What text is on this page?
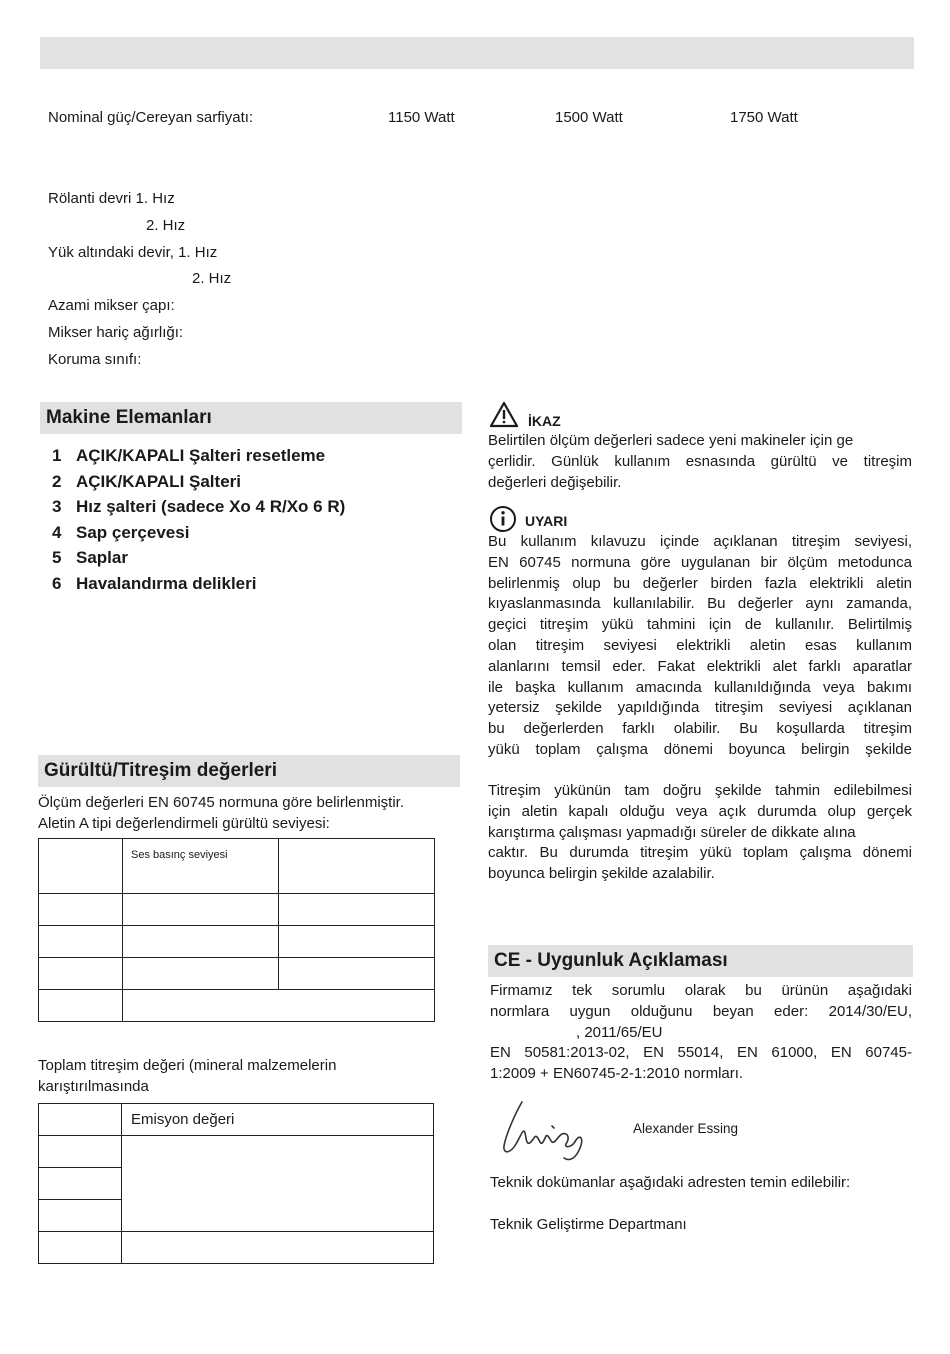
Nominal güç/Cereyan sarfiyatı:	1150 Watt	1500 Watt	1750 Watt
Rölanti devri 1. Hız
2. Hız
Yük altındaki devir, 1. Hız
2. Hız
Azami mikser çapı:
Mikser hariç ağırlığı:
Koruma sınıfı:
Makine Elemanları
1 AÇIK/KAPALI Şalteri resetleme
2 AÇIK/KAPALI Şalteri
3 Hız şalteri (sadece Xo 4 R/Xo 6 R)
4 Sap çerçevesi
5 Saplar
6 Havalandırma delikleri
Gürültü/Titreşim değerleri
Ölçüm değerleri EN 60745 normuna göre belirlenmiştir.
Aletin A tipi değerlendirmeli gürültü seviyesi:

	Ses basınç seviyesi	

Toplam titreşim değeri (mineral malzemelerin
karıştırılmasında

	Emisyon değeri

İKAZ
Belirtilen ölçüm değerleri sadece yeni makineler için ge
çerlidir. Günlük kullanım esnasında gürültü ve titreşim
değerleri değişebilir.
UYARI
Bu kullanım kılavuzu içinde açıklanan titreşim seviyesi,
EN 60745 normuna göre uygulanan bir ölçüm metodunca
belirlenmiş olup bu değerler birden fazla elektrikli aletin
kıyaslanmasında kullanılabilir. Bu değerler aynı zamanda,
geçici titreşim yükü tahmini için de kullanılır. Belirtilmiş
olan titreşim seviyesi elektrikli aletin esas kullanım
alanlarını temsil eder. Fakat elektrikli alet farklı aparatlar
ile başka kullanım amacında kullanıldığında veya bakımı
yetersiz şekilde yapıldığında titreşim seviyesi açıklanan
bu değerlerden farklı olabilir. Bu koşullarda titreşim
yükü toplam çalışma dönemi boyunca belirgin şekilde
Titreşim yükünün tam doğru şekilde tahmin edilebilmesi
için aletin kapalı olduğu veya açık durumda olup gerçek
karıştırma çalışması yapmadığı süreler de dikkate alına
caktır. Bu durumda titreşim yükü toplam çalışma dönemi
boyunca belirgin şekilde azalabilir.
CE - Uygunluk Açıklaması
Firmamız tek sorumlu olarak bu ürünün aşağıdaki
normlara uygun olduğunu beyan eder: 2014/30/EU,
, 2011/65/EU
EN 50581:2013-02, EN 55014, EN 61000, EN 60745-
1:2009 + EN60745-2-1:2010 normları.
Alexander Essing
Teknik dokümanlar aşağıdaki adresten temin edilebilir:
Teknik Geliştirme Departmanı
